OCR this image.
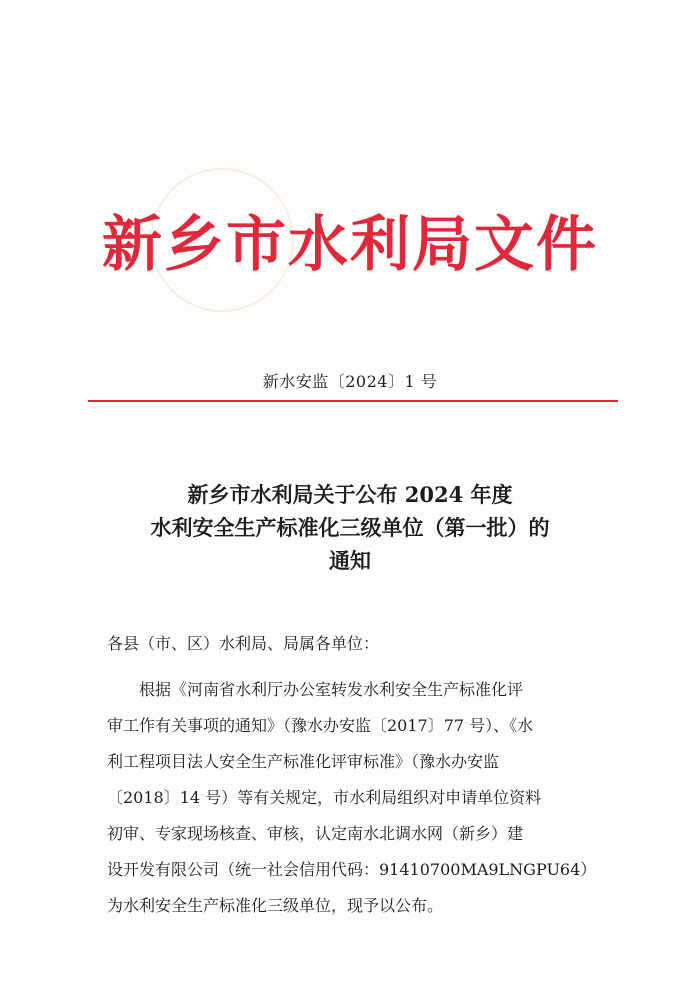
新乡市水利局文件
新水安监〔2024〕1 号
新乡市水利局关于公布 2024 年度
水利安全生产标准化三级单位（第一批）的
通知
各县（市、区）水利局、局属各单位：
根据《河南省水利厅办公室转发水利安全生产标准化评
审工作有关事项的通知》（豫水办安监〔2017〕77 号）、《水
利工程项目法人安全生产标准化评审标准》（豫水办安监
〔2018〕14 号）等有关规定，市水利局组织对申请单位资料
初审、专家现场核查、审核，认定南水北调水网（新乡）建
设开发有限公司（统一社会信用代码：91410700MA9LNGPU64）
为水利安全生产标准化三级单位，现予以公布。
